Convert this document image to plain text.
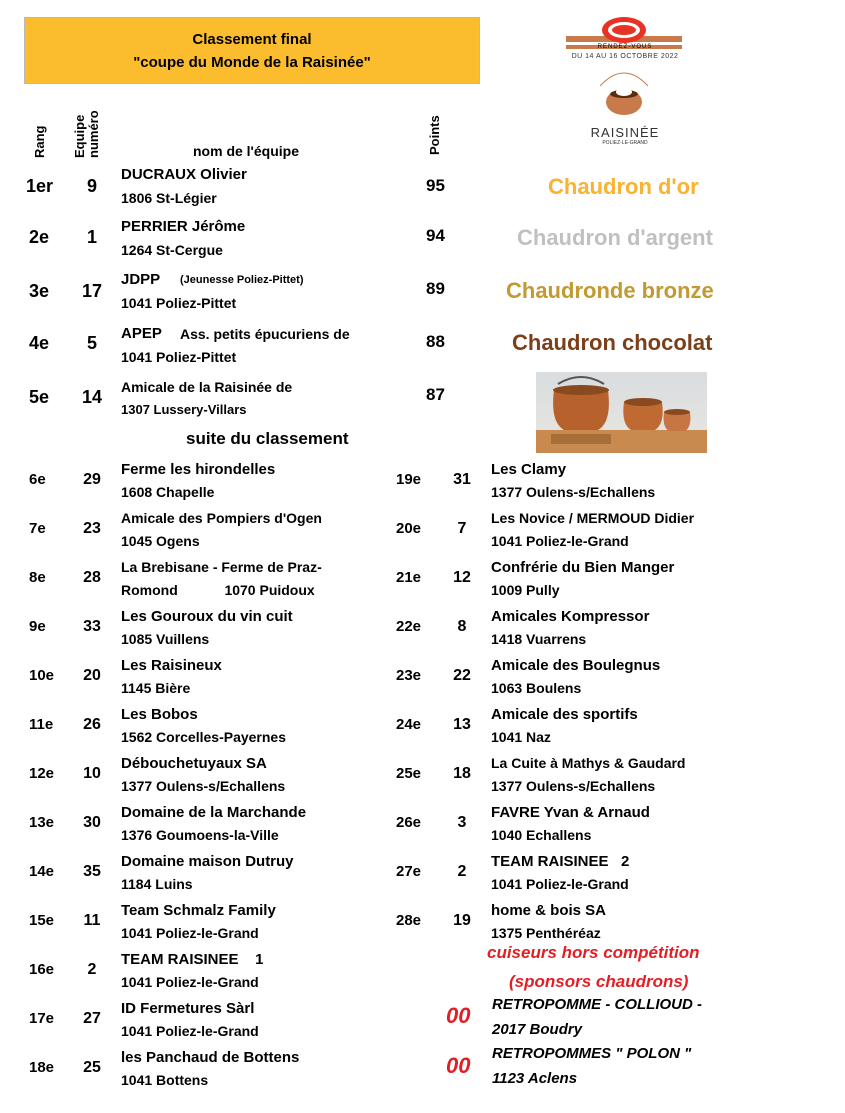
Classement final
"coupe du Monde de la Raisinée"
RENDEZ-VOUS
DU 14 AU 16 OCTOBRE 2022
RAISINÉE
POLIEZ-LE-GRAND
Rang Equipe numéro	nom de l'équipe	Points
1er	9
DUCRAUX Olivier
1806 St-Légier
95
2e	1
PERRIER Jérôme
1264 St-Cergue
94
3e 17
JDPP (Jeunesse Poliez-Pittet)
1041 Poliez-Pittet
89
4e	5	APEP Ass. petits épucuriens de
1041 Poliez-Pittet
88
5e 14	Amicale de la Raisinée de
1307 Lussery-Villars
87
Chaudron d'or
Chaudron d'argent
Chaudronde bronze
Chaudron chocolat
suite du classement
6e	29
Ferme les hirondelles
1608 Chapelle
7e	23
Amicale des Pompiers d'Ogen
1045 Ogens
8e	28
La Brebisane - Ferme de Praz-
Romond            1070 Puidoux
9e	33
Les Gouroux du vin cuit
1085 Vuillens
10e	20
Les Raisineux
1145 Bière
11e	26
Les Bobos
1562 Corcelles-Payernes
12e	10
Débouchetuyaux SA
1377 Oulens-s/Echallens
13e	30
Domaine de la Marchande
1376 Goumoens-la-Ville
14e	35
Domaine maison Dutruy
1184 Luins
15e	11
Team Schmalz Family
1041 Poliez-le-Grand
16e	2
TEAM RAISINEE    1
1041 Poliez-le-Grand
17e	27
ID Fermetures Sàrl
1041 Poliez-le-Grand
18e	25
les Panchaud de Bottens
1041 Bottens
19e	31
Les Clamy
1377 Oulens-s/Echallens
20e	7
Les Novice / MERMOUD Didier
1041 Poliez-le-Grand
21e	12
Confrérie du Bien Manger
1009 Pully
22e	8
Amicales Kompressor
1418 Vuarrens
23e	22
Amicale des Boulegnus
1063 Boulens
24e	13
Amicale des sportifs
1041 Naz
25e	18
La Cuite à Mathys & Gaudard
1377 Oulens-s/Echallens
26e	3
FAVRE Yvan & Arnaud
1040 Echallens
27e	2
TEAM RAISINEE   2
1041 Poliez-le-Grand
28e	19
home & bois SA
1375 Penthéréaz
cuiseurs hors compétition
(sponsors chaudrons)
00 RETROPOMME - COLLIOUD -
2017 Boudry
00 RETROPOMMES " POLON "
1123 Aclens
